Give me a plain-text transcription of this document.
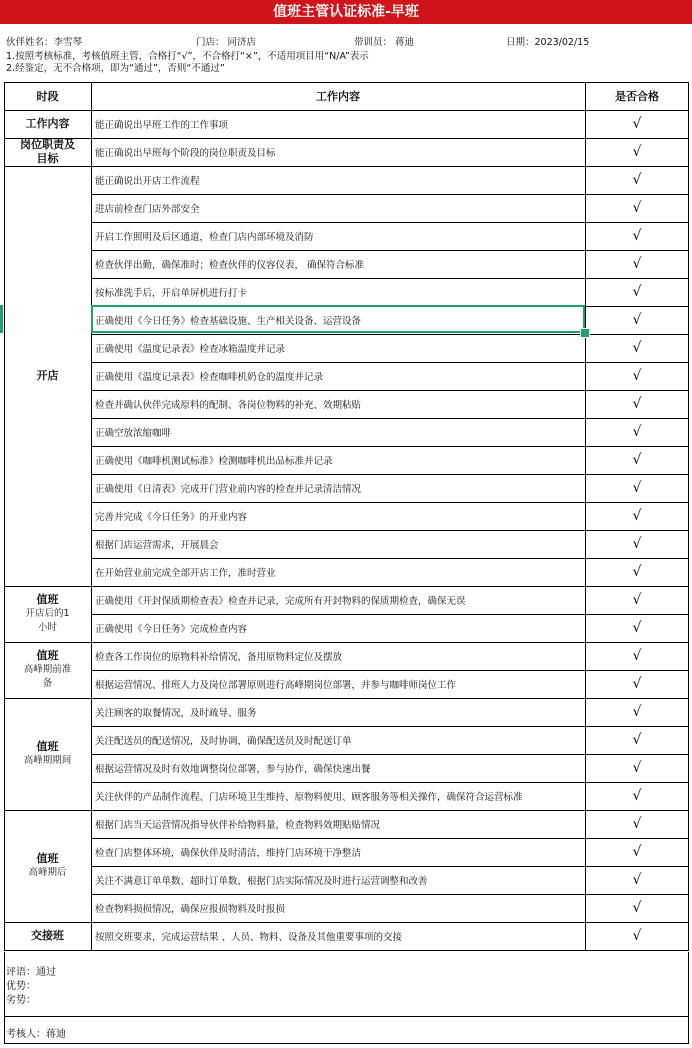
值班主管认证标准-早班
伙伴姓名：李雪琴	门店： 同济店	带训员： 蒋迪	日期：2023/02/15
1.按照考核标准，考核值班主管，合格打“√”，不合格打“×”，不适用项目用“N/A”表示
2.经鉴定，无不合格项，即为“通过”，否则“不通过”
时段	工作内容	是否合格
工作内容	能正确说出早班工作的工作事项	√
岗位职责及目标	能正确说出早班每个阶段的岗位职责及目标	√
开店
能正确说出开店工作流程	√
进店前检查门店外部安全	√
开启工作照明及后区通道，检查门店内部环境及消防	√
检查伙伴出勤，确保准时；检查伙伴的仪容仪表， 确保符合标准	√
按标准洗手后，开启单屏机进行打卡	√
正确使用《今日任务》检查基础设施、生产相关设备、运营设备	√
正确使用《温度记录表》检查冰箱温度并记录	√
正确使用《温度记录表》检查咖啡机奶仓的温度并记录	√
检查并确认伙伴完成原料的配制、各岗位物料的补充、效期粘贴	√
正确空放浓缩咖啡	√
正确使用《咖啡机测试标准》检测咖啡机出品标准并记录	√
正确使用《日清表》完成开门营业前内容的检查并记录清洁情况	√
完善并完成《今日任务》的开业内容	√
根据门店运营需求，开展晨会	√
在开始营业前完成全部开店工作，准时营业	√
值班
开店后的1小时
正确使用《开封保质期检查表》检查并记录，完成所有开封物料的保质期检查，确保无误	√
正确使用《今日任务》完成检查内容	√
值班
高峰期前准备
检查各工作岗位的原物料补给情况，备用原物料定位及摆放	√
根据运营情况、排班人力及岗位部署原则进行高峰期岗位部署，并参与咖啡师岗位工作	√
值班
高峰期期间
关注顾客的取餐情况，及时疏导、服务	√
关注配送员的配送情况，及时协调，确保配送员及时配送订单	√
根据运营情况及时有效地调整岗位部署，参与协作，确保快速出餐	√
关注伙伴的产品制作流程、门店环境卫生维持、原物料使用、顾客服务等相关操作，确保符合运营标准	√
值班
高峰期后
根据门店当天运营情况指导伙伴补给物料量，检查物料效期贴贴情况	√
检查门店整体环境，确保伙伴及时清洁，维持门店环境干净整洁	√
关注不满意订单单数、超时订单数，根据门店实际情况及时进行运营调整和改善	√
检查物料损损情况，确保应报损物料及时报损	√
交接班	按照交班要求，完成运营结果 、人员、物料、设备及其他重要事项的交接	√
评语：通过
优势：
劣势：
考核人：蒋迪
